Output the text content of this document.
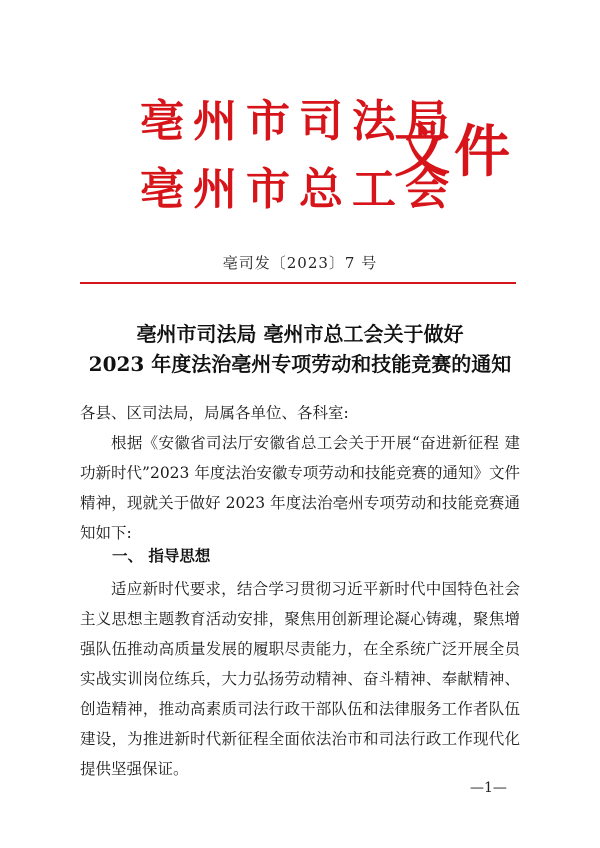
亳州市司法局
亳州市总工会
文件
亳司发〔2023〕7 号
亳州市司法局 亳州市总工会关于做好
2023 年度法治亳州专项劳动和技能竞赛的通知
各县、区司法局，局属各单位、各科室:
根据《安徽省司法厅安徽省总工会关于开展“奋进新征程 建功新时代”2023 年度法治安徽专项劳动和技能竞赛的通知》文件精神，现就关于做好 2023 年度法治亳州专项劳动和技能竞赛通知如下:
一、 指导思想
适应新时代要求，结合学习贯彻习近平新时代中国特色社会主义思想主题教育活动安排，聚焦用创新理论凝心铸魂，聚焦增强队伍推动高质量发展的履职尽责能力，在全系统广泛开展全员实战实训岗位练兵，大力弘扬劳动精神、奋斗精神、奉献精神、创造精神，推动高素质司法行政干部队伍和法律服务工作者队伍建设，为推进新时代新征程全面依法治市和司法行政工作现代化提供坚强保证。
—1—
